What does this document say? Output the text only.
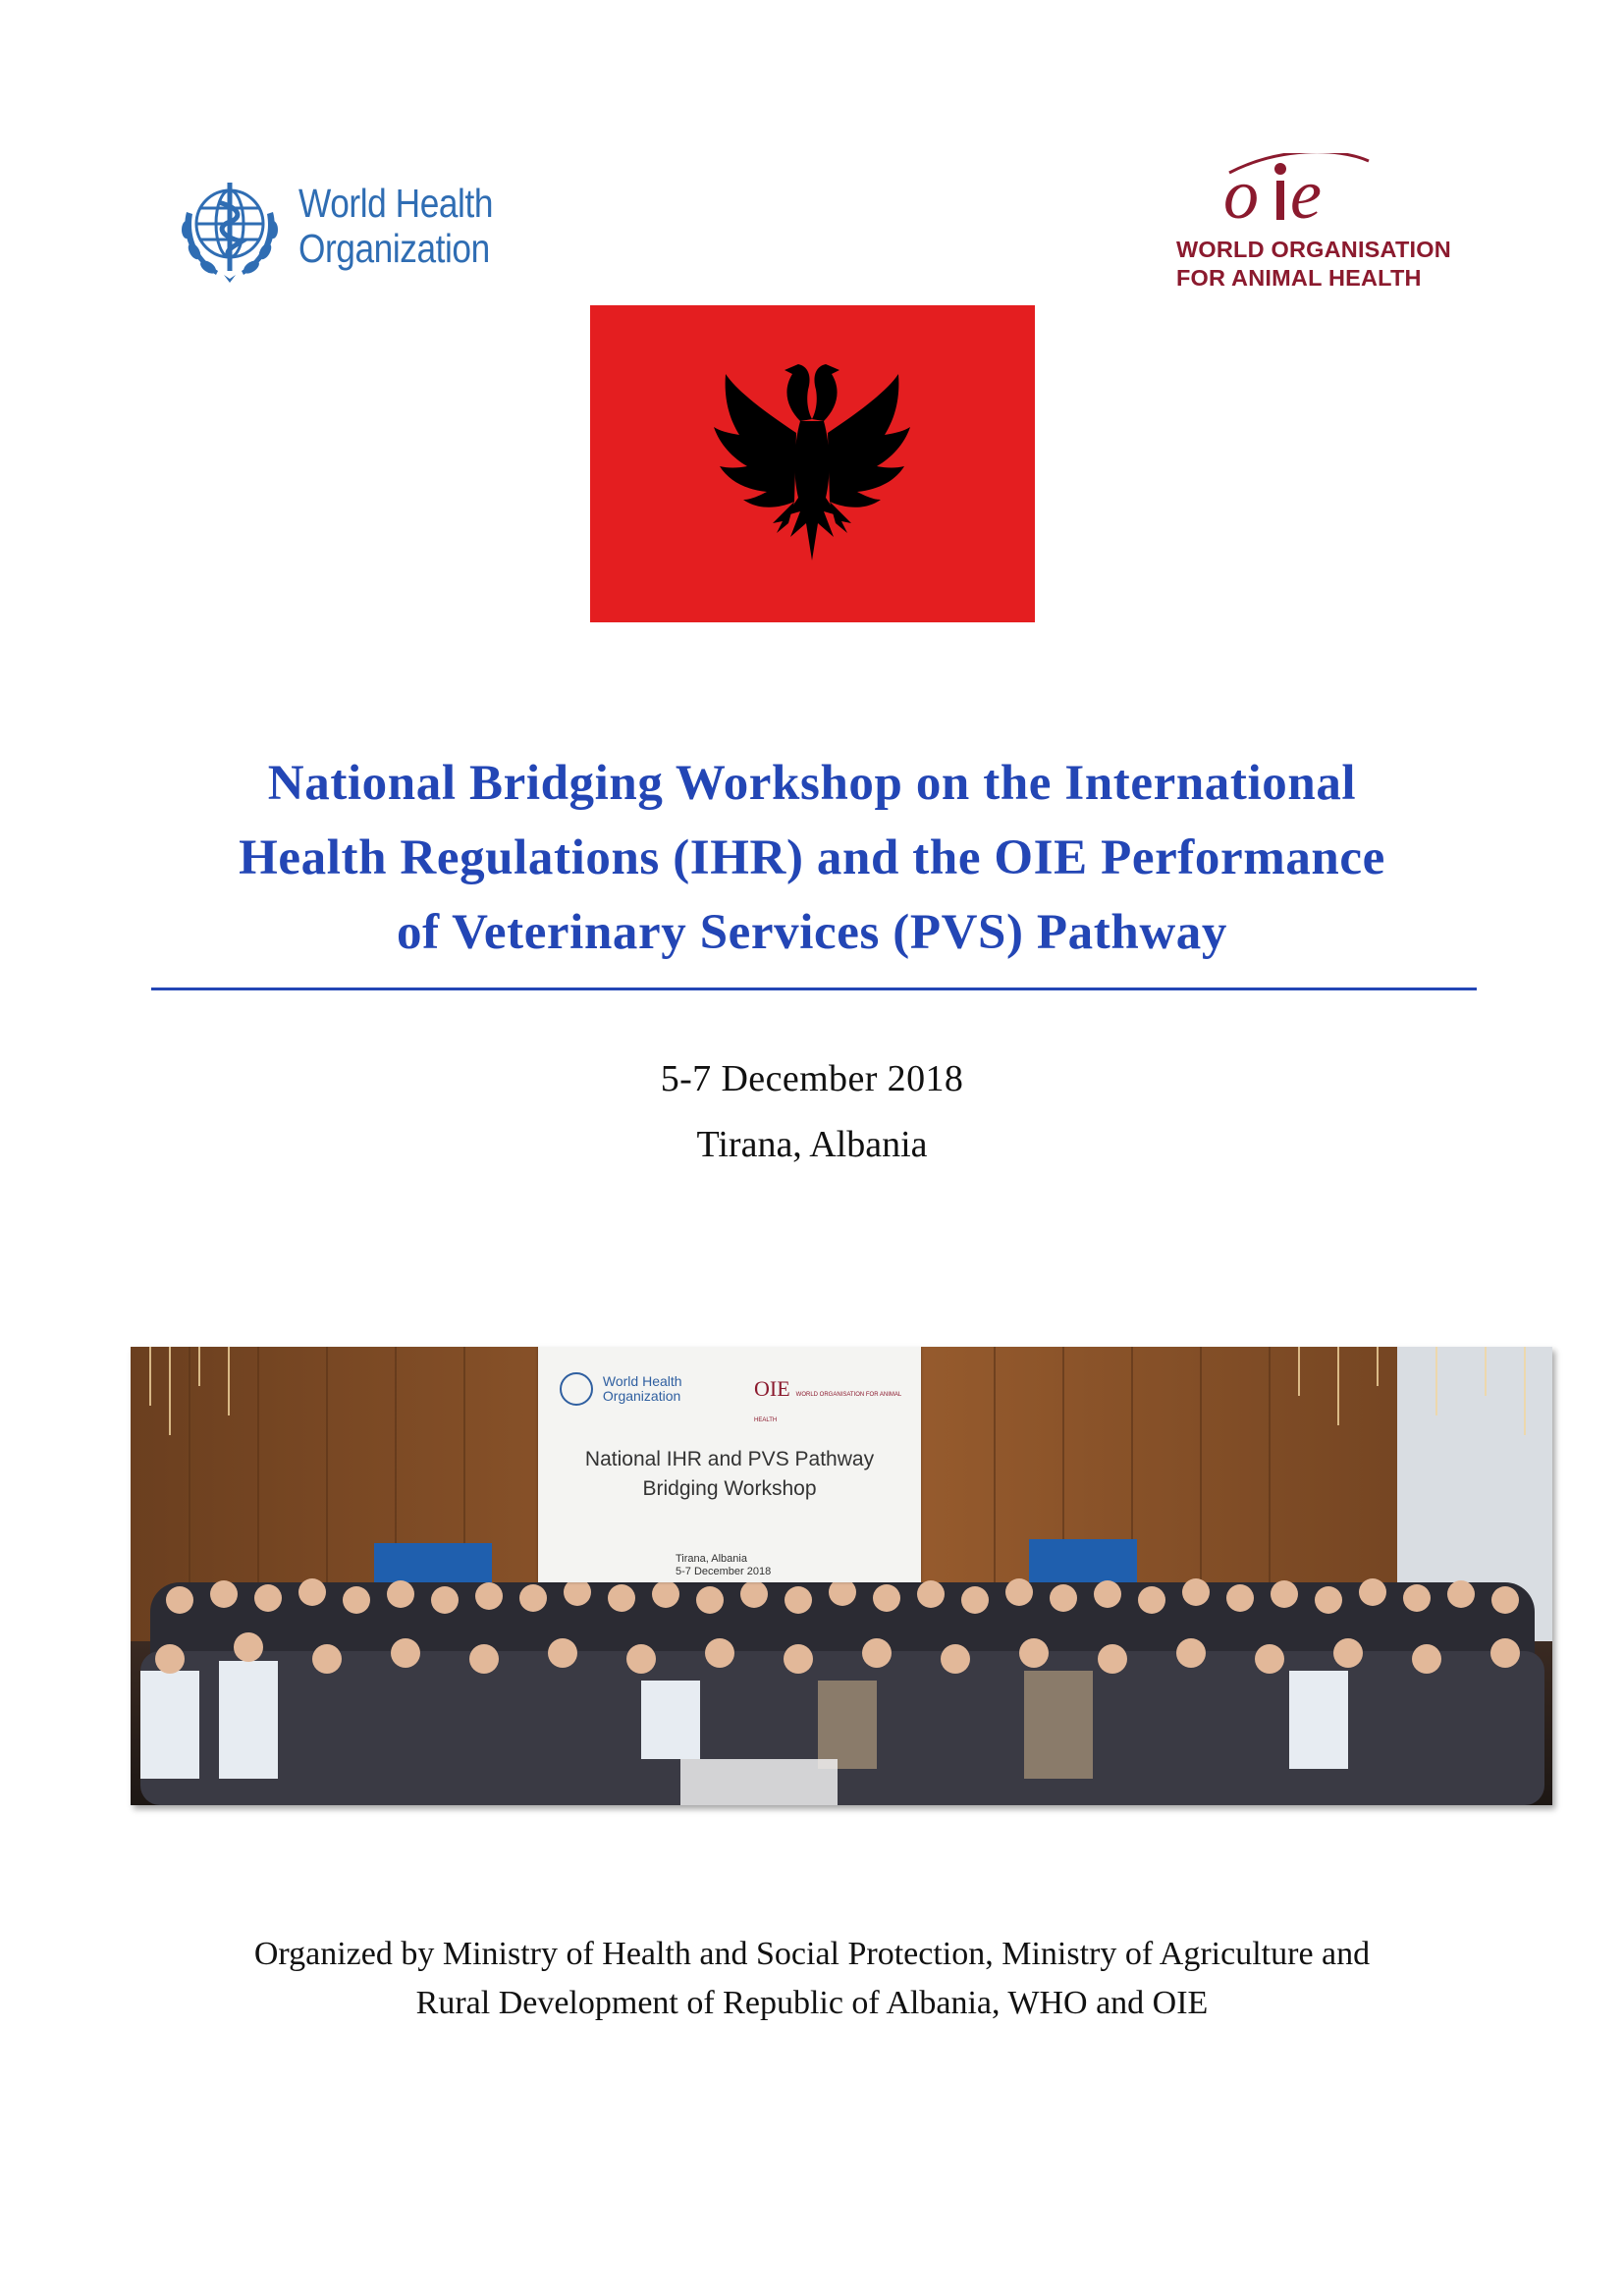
World Health
Organization
o e
WORLD ORGANISATION
FOR ANIMAL HEALTH
National Bridging Workshop on the International
Health Regulations (IHR) and the OIE Performance
of Veterinary Services (PVS) Pathway
5-7 December 2018
Tirana, Albania

World Health
Organization	OIE WORLD ORGANISATION FOR ANIMAL HEALTH
National IHR and PVS Pathway
Bridging Workshop
Tirana, Albania
5-7 December 2018
Organized by Ministry of Health and Social Protection, Ministry of Agriculture and
Rural Development of Republic of Albania, WHO and OIE
